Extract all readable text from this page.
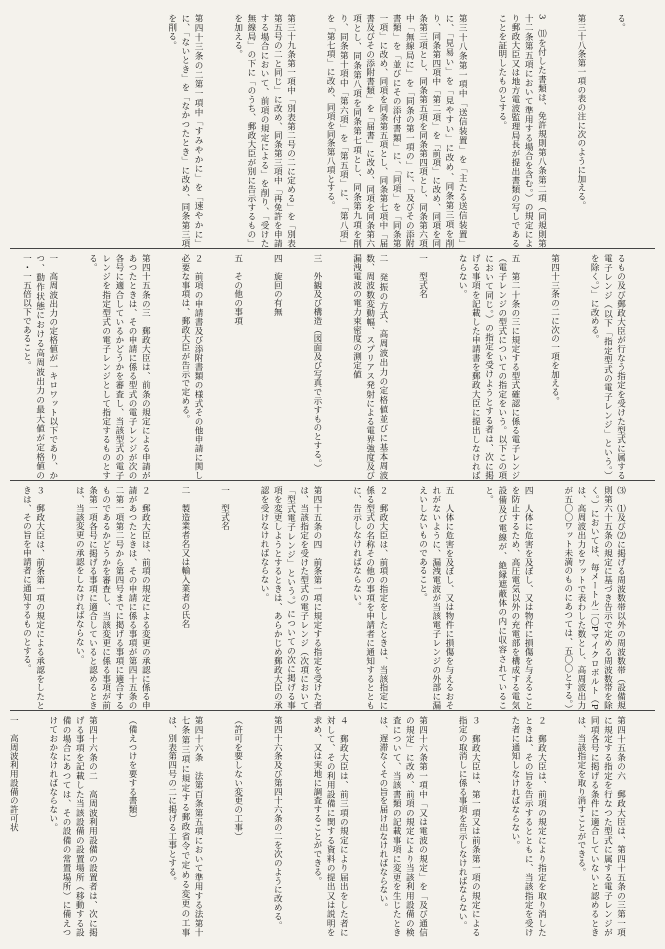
る。

第三十八条第一項の表の注に次のように加える。

3　⑾を付した書類は、免許規則第八条第二項（同規則第十二条第五項において準用する場合を含む。）の規定により郵政大臣又は地方電波監理局長が提出書類の写しであることを証明したものとする。

第三十八条第一項中「送信装置」を「主たる送信装置」に、「見易い」を「見やすい」に改め、同条第三項を削り、同条第四項中「第二項」を「前項」に改め、同項を同条第三項とし、同条第五項を同条第四項とし、同条第六項中「無線局に」を「同条の第一項の」に、「及びその添附書類」を「並びにその添付書類」に、「同項」を「同条第一項」に改め、同項を同条第五項とし、同条第七項中「届書及びその添附書類」を「届書」に改め、同項を同条第六項とし、同条第八項を同条第七項とし、同条第九項を削り、同条第十項中「第六項」を「第五項」に、「第八項」を「第七項」に改め、同項を同条第八項とする。

第三十九条第一項中「別表第二号の二に定める」を「別表第五号の二と同じ」に改め、同条第三項中「再免許を申請する場合において、前項の規定による」を削り、「受けた無線局」の下に「のうち、郵政大臣が別に告示するもの」を加える。

第四十三条の二第一項中「すみやかに」を「速やかに」に、「ないとき」を「なかつたとき」に改め、同条第三項を削る。

るもの及び郵政大臣が行なう指定を受けた型式に属する電子レンジ（以下「指定型式の電子レンジ」という。）を除く。）」に改める。

第四十三条の二に次の一項を加える。

五　第二十条の三に規定する型式確認に係る電子レンジ（電子レンジの型式についての指定をいう。以下この項において同じ。）の指定を受けようとする者は、次に掲げる事項を記載した申請書を郵政大臣に提出しなければならない。

一　型式名

二　発振の方式、高周波出力の定格値並びに基本周波数、周波数変動幅、スプリアス発射による電界強度及び漏洩電波の電力束密度の測定値

三　外観及び構造（図面及び写真で示すものとする。）

四　旋回の有無

五　その他の事項

２　前項の申請書及び添附書類の様式その他申請に関し必要な事項は、郵政大臣が告示で定める。

第四十五条の三　郵政大臣は、前条の規定による申請があつたときは、その申請に係る型式の電子レンジが次の各号に適合しているかどうかを審査し、当該型式の電子レンジを指定型式の電子レンジとして指定するものとする。

一　高周波出力の定格値が一キロワット以下であり、かつ、動作状態における高周波出力の最大値が定格値の一・一五倍以下であること。

⑶　⑴及び⑵に掲げる周波数帯以外の周波数帯（設備規則第六十五条の規定に基づき告示で定める周波数帯を除く。）においては、毎メートル二〇Pマイクロボルト（Pは、高周波出力をワットで表わした数とし、高周波出力が五〇〇ワット未満のものにあつては、五〇〇とする。）

四　人体に危害を及ぼし、又は物件に損傷を与えることを防止するため、高圧電気以外の充電部を構成する電気設備及び電線が、絶縁遮蔽体の内に収容されていること。

五　人体に危害を及ぼし、又は物件に損傷を与えるおそれがないように、漏洩電波が当該電子レンジの外部に漏えいしないものであること。

２　郵政大臣は、前項の指定をしたときは、当該指定に係る型式の名称その他の事項を申請者に通知するとともに、告示しなければならない。

第四十五条の四　前条第一項に規定する指定を受けた者は、当該指定を受けた型式の電子レンジ（次項において「型式電子レンジ」という。）についての次に掲げる事項を変更しようとするときは、あらかじめ郵政大臣の承認を受けなければならない。

一　型式名

二　製造業者名又は輸入業者の氏名

２　郵政大臣は、前項の規定による変更の承認に係る申請があつたときは、その申請に係る事項が第四十五条の二第一項第二号から第四号までに掲げる事項に適合するものであるかどうかを審査し、当該変更に係る事項が前条第一項各号に掲げる事項に適合していると認めるときは、当該変更の承認をしなければならない。

３　郵政大臣は、前条第一項の規定による承認をしたときは、その旨を申請者に通知するものとする。

第四十五条の六　郵政大臣は、第四十五条の三第一項に規定する指定を行なつた型式に属する電子レンジが同項各号に掲げる条件に適合していないと認めるときは、当該指定を取り消すことができる。

２　郵政大臣は、前項の規定により指定を取り消したときは、その旨を告示するとともに、当該指定を受けた者に通知しなければならない。

３　郵政大臣は、第一項又は前条第一項の規定による指定の取消しに係る事項を告示しなければならない。

第四十六条第一項中「又は電波の規定」を「及び通信の規定」に改め、前項の規定により当該利用設備の検査について、当該書類の記載事項に変更を生じたときは、遅滞なくその旨を届け出なければならない。

４　郵政大臣は、前三項の規定により届出をした者に対して、その利用設備に関する資料の提出又は説明を求め、又は実地に調査することができる。

第四十六条及び第四十六条の二を次のように改める。

（許可を要しない変更の工事）

第四十六条　法第百条第五項において準用する法第十七条第三項に規定する郵政省令で定める変更の工事は、別表第四号の二に掲げる工事とする。

（備えつけを要する書類）

第四十六条の二　高周波利用設備の設置者は、次に掲げる事項を記載した当該設備の設置場所（移動する設備の場合にあつては、その設備の常置場所）に備えつけておかなければならない。

一　高周波利用設備の許可状
